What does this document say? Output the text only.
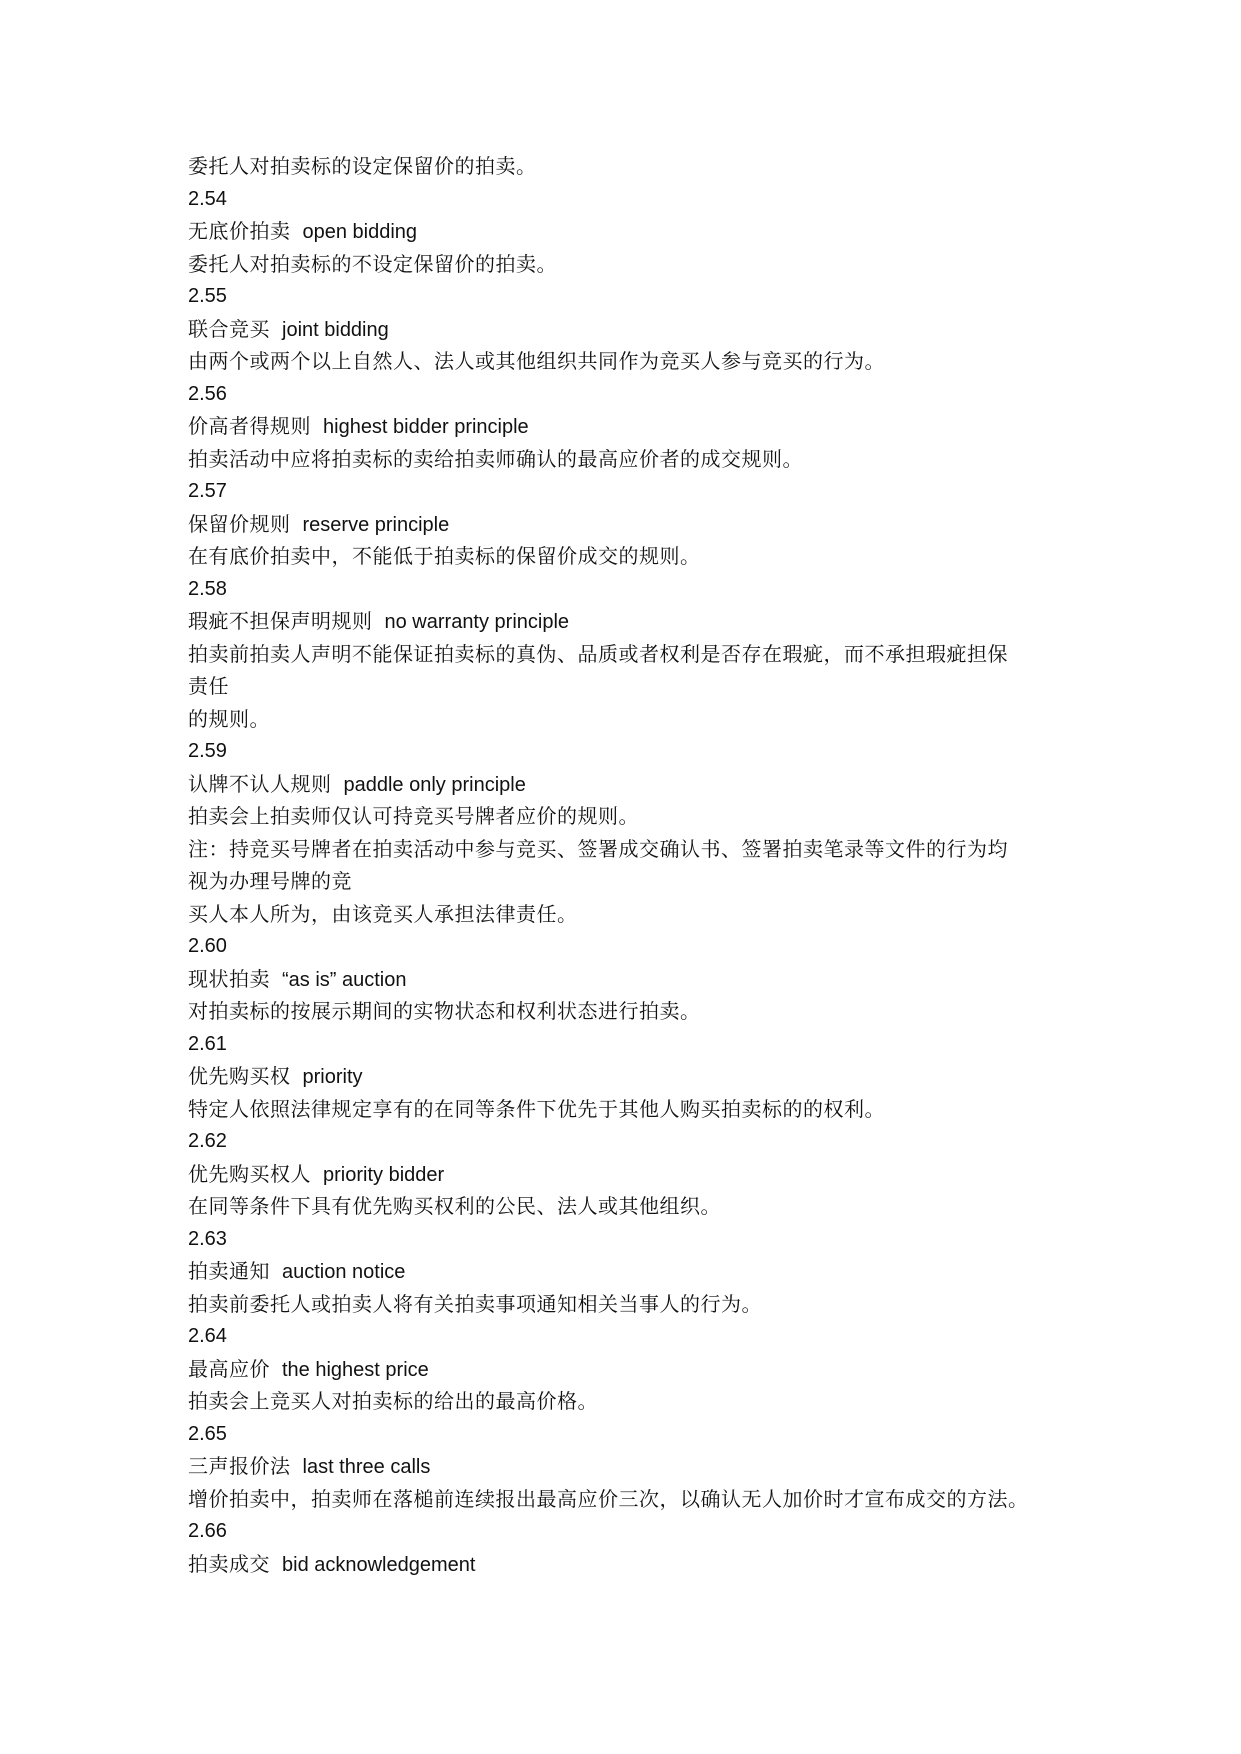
委托人对拍卖标的设定保留价的拍卖。
2.54
无底价拍卖 open bidding
委托人对拍卖标的不设定保留价的拍卖。
2.55
联合竞买 joint bidding
由两个或两个以上自然人、法人或其他组织共同作为竞买人参与竞买的行为。
2.56
价高者得规则 highest bidder principle
拍卖活动中应将拍卖标的卖给拍卖师确认的最高应价者的成交规则。
2.57
保留价规则 reserve principle
在有底价拍卖中，不能低于拍卖标的保留价成交的规则。
2.58
瑕疵不担保声明规则 no warranty principle
拍卖前拍卖人声明不能保证拍卖标的真伪、品质或者权利是否存在瑕疵，而不承担瑕疵担保
责任
的规则。
2.59
认牌不认人规则 paddle only principle
拍卖会上拍卖师仅认可持竞买号牌者应价的规则。
注：持竞买号牌者在拍卖活动中参与竞买、签署成交确认书、签署拍卖笔录等文件的行为均
视为办理号牌的竞
买人本人所为，由该竞买人承担法律责任。
2.60
现状拍卖 “as is” auction
对拍卖标的按展示期间的实物状态和权利状态进行拍卖。
2.61
优先购买权 priority
特定人依照法律规定享有的在同等条件下优先于其他人购买拍卖标的的权利。
2.62
优先购买权人 priority bidder
在同等条件下具有优先购买权利的公民、法人或其他组织。
2.63
拍卖通知 auction notice
拍卖前委托人或拍卖人将有关拍卖事项通知相关当事人的行为。
2.64
最高应价 the highest price
拍卖会上竞买人对拍卖标的给出的最高价格。
2.65
三声报价法 last three calls
增价拍卖中，拍卖师在落槌前连续报出最高应价三次，以确认无人加价时才宣布成交的方法。
2.66
拍卖成交 bid acknowledgement
